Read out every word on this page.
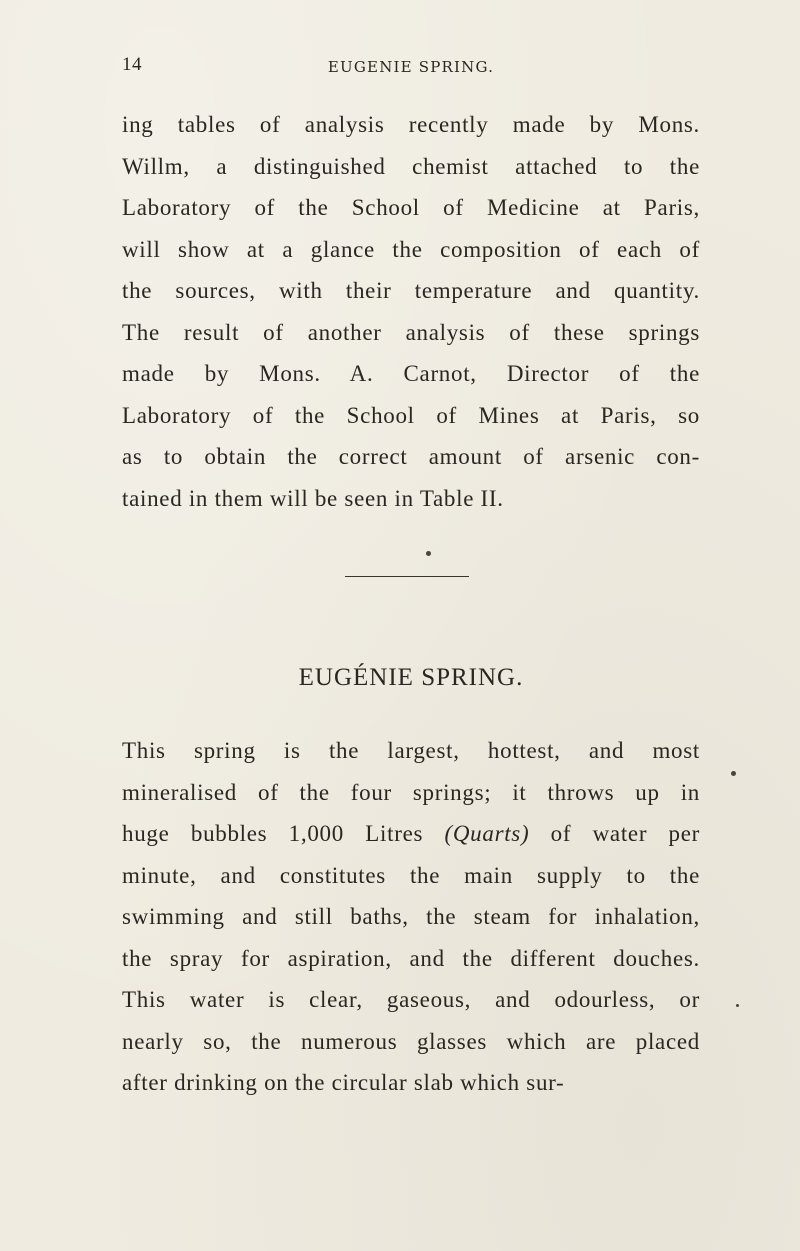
14	EUGENIE SPRING.
ing tables of analysis recently made by Mons.
Willm, a distinguished chemist attached to the
Laboratory of the School of Medicine at Paris,
will show at a glance the composition of each of
the sources, with their temperature and quantity.
The result of another analysis of these springs
made by Mons. A. Carnot, Director of the
Laboratory of the School of Mines at Paris, so
as to obtain the correct amount of arsenic con-
tained in them will be seen in Table II.
EUGÉNIE SPRING.
This spring is the largest, hottest, and most
mineralised of the four springs; it throws up in
huge bubbles 1,000 Litres (Quarts) of water per
minute, and constitutes the main supply to the
swimming and still baths, the steam for inhalation,
the spray for aspiration, and the different douches.
This water is clear, gaseous, and odourless, or
nearly so, the numerous glasses which are placed
after drinking on the circular slab which sur-
